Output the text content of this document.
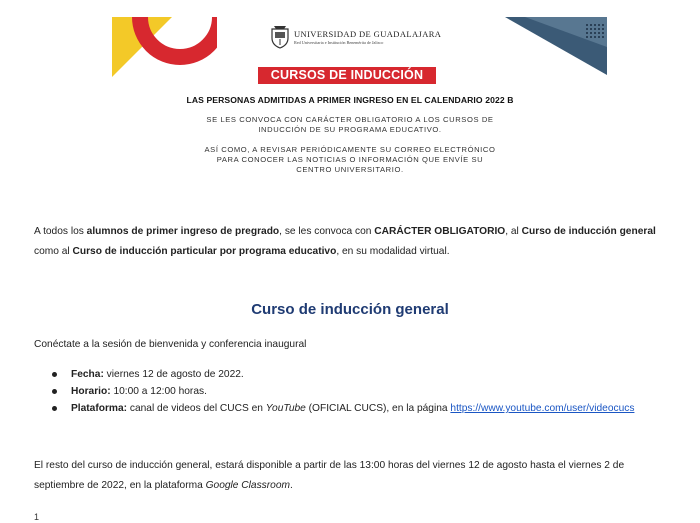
UNIVERSIDAD DE GUADALAJARA
Red Universitaria e Institución Benemérita de Jalisco
CURSOS DE INDUCCIÓN
LAS PERSONAS ADMITIDAS A PRIMER INGRESO EN EL CALENDARIO 2022 B
SE LES CONVOCA CON CARÁCTER OBLIGATORIO A LOS CURSOS DE
INDUCCIÓN DE SU PROGRAMA EDUCATIVO.
ASÍ COMO, A REVISAR PERIÓDICAMENTE SU CORREO ELECTRÓNICO
PARA CONOCER LAS NOTICIAS O INFORMACIÓN QUE ENVÍE SU
CENTRO UNIVERSITARIO.
A todos los alumnos de primer ingreso de pregrado, se les convoca con CARÁCTER OBLIGATORIO, al Curso de inducción general como al Curso de inducción particular por programa educativo, en su modalidad virtual.
Curso de inducción general
Conéctate a la sesión de bienvenida y conferencia inaugural
Fecha: viernes 12 de agosto de 2022.
Horario: 10:00 a 12:00 horas.
Plataforma: canal de videos del CUCS en YouTube (OFICIAL CUCS), en la página https://www.youtube.com/user/videocucs
El resto del curso de inducción general, estará disponible a partir de las 13:00 horas del viernes 12 de agosto hasta el viernes 2 de septiembre de 2022, en la plataforma Google Classroom.
1
